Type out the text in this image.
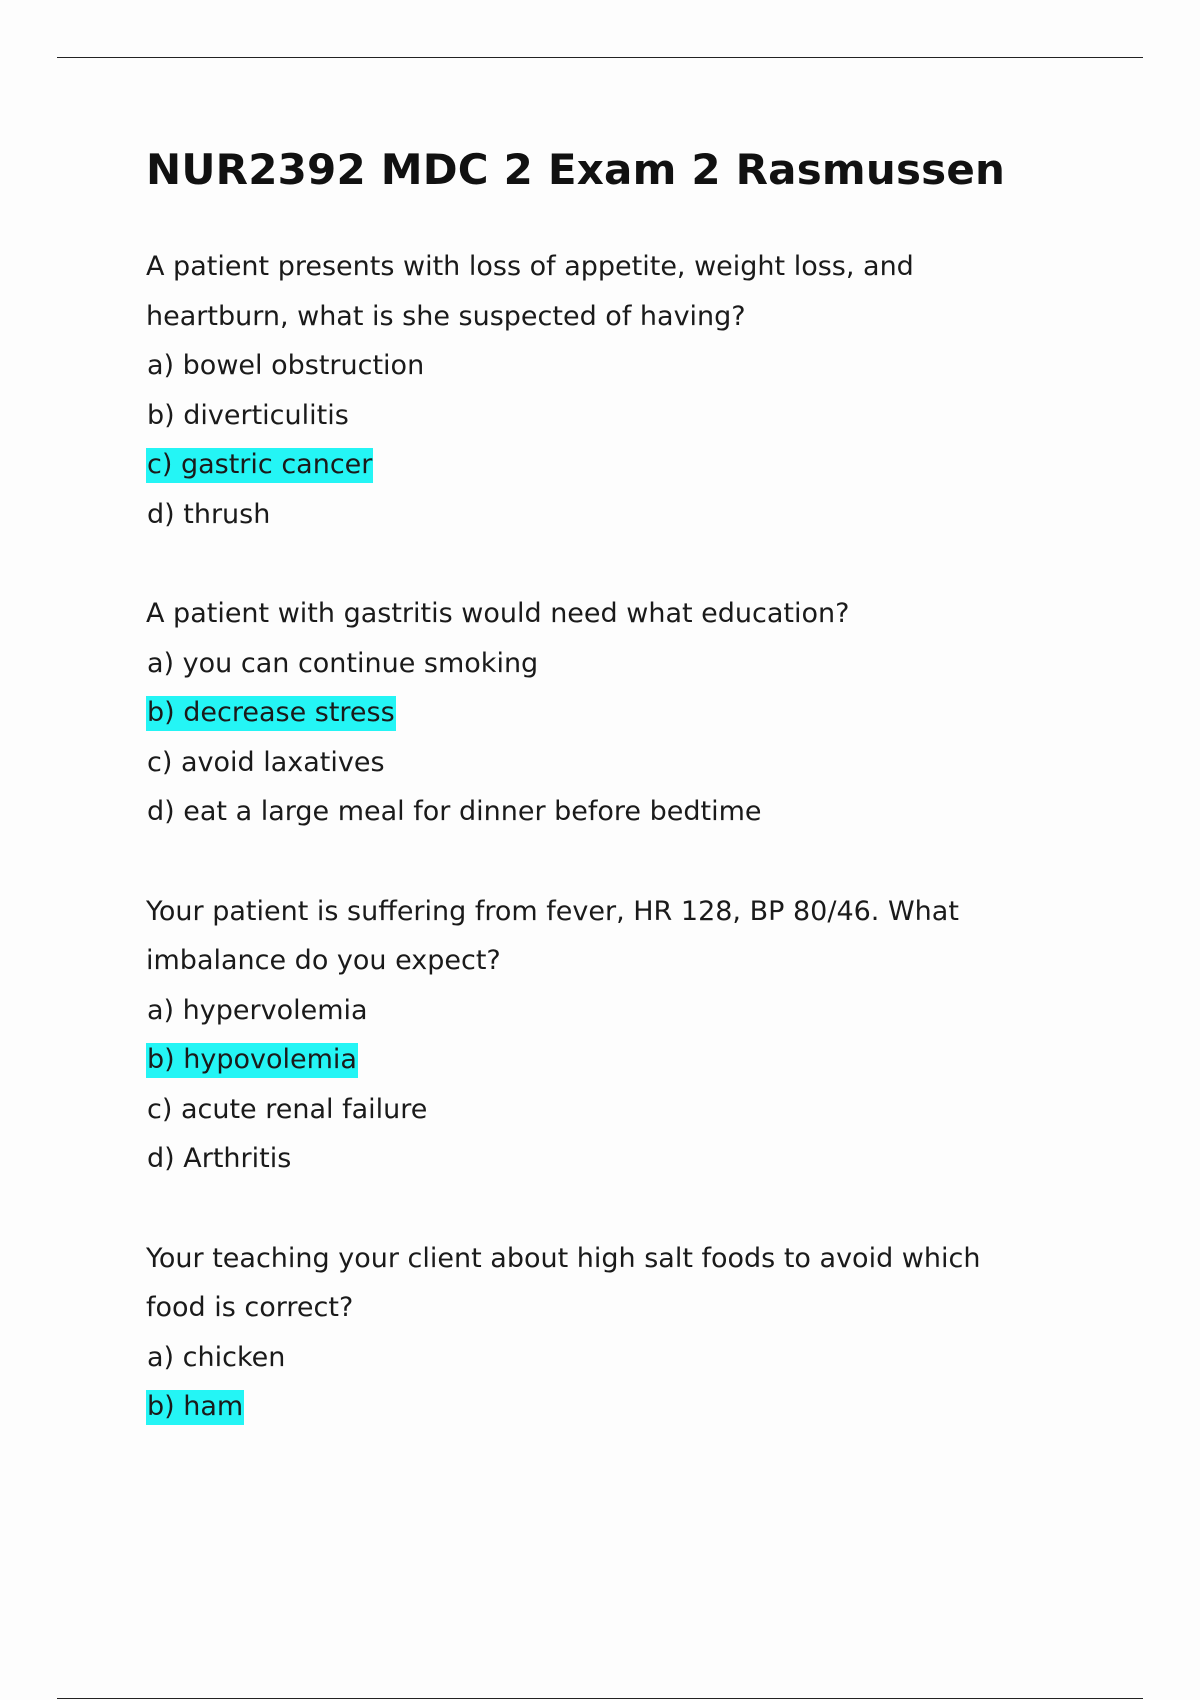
NUR2392 MDC 2 Exam 2 Rasmussen

A patient presents with loss of appetite, weight loss, and heartburn, what is she suspected of having?

a) bowel obstruction
b) diverticulitis
c) gastric cancer
d) thrush

A patient with gastritis would need what education?

a) you can continue smoking
b) decrease stress
c) avoid laxatives
d) eat a large meal for dinner before bedtime

Your patient is suffering from fever, HR 128, BP 80/46. What imbalance do you expect?

a) hypervolemia
b) hypovolemia
c) acute renal failure
d) Arthritis

Your teaching your client about high salt foods to avoid which food is correct?

a) chicken
b) ham
